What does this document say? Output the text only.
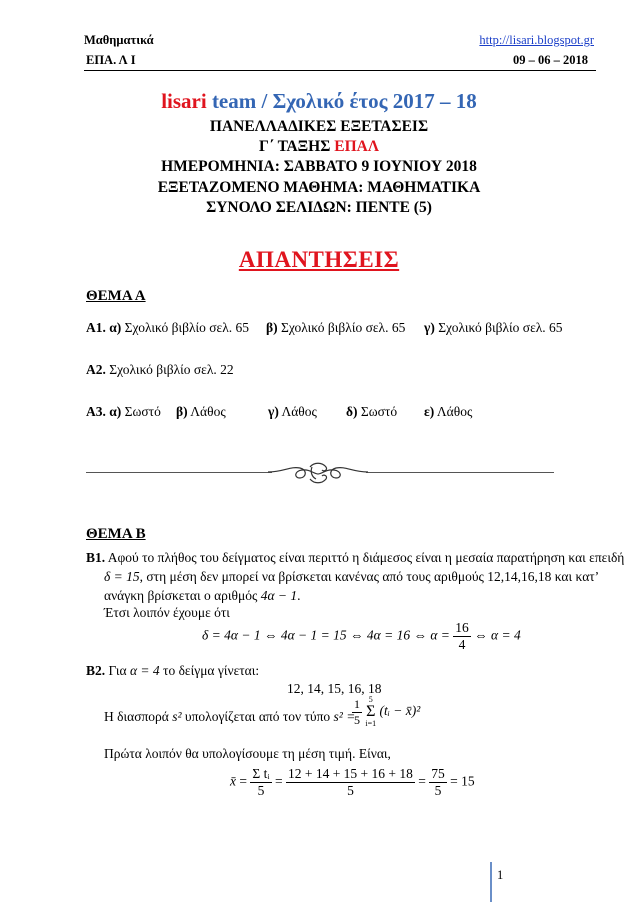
Μαθηματικά
ΕΠΑ. Λ Ι
http://lisari.blogspot.gr
09 – 06 – 2018
lisari team / Σχολικό έτος 2017 – 18
ΠΑΝΕΛΛΑΔΙΚΕΣ ΕΞΕΤΑΣΕΙΣ
Γ΄ ΤΑΞΗΣ ΕΠΑΛ
ΗΜΕΡΟΜΗΝΙΑ: ΣΑΒΒΑΤΟ 9 ΙΟΥΝΙΟΥ 2018
ΕΞΕΤΑΖΟΜΕΝΟ ΜΑΘΗΜΑ: ΜΑΘΗΜΑΤΙΚΑ
ΣΥΝΟΛΟ ΣΕΛΙΔΩΝ: ΠΕΝΤΕ (5)
ΑΠΑΝΤΗΣΕΙΣ
ΘΕΜΑ Α
Α1. α) Σχολικό βιβλίο σελ. 65 β) Σχολικό βιβλίο σελ. 65 γ) Σχολικό βιβλίο σελ. 65
Α2. Σχολικό βιβλίο σελ. 22
Α3. α) Σωστό β) Λάθος	γ) Λάθος δ) Σωστό ε) Λάθος
ΘΕΜΑ Β
Β1. Αφού το πλήθος του δείγματος είναι περιττό η διάμεσος είναι η μεσαία παρατήρηση και επειδή
δ = 15, στη μέση δεν μπορεί να βρίσκεται κανένας από τους αριθμούς 12,14,16,18 και κατ’
ανάγκη βρίσκεται ο αριθμός 4α − 1.
Έτσι λοιπόν έχουμε ότι
δ = 4α − 1 ⇔ 4α − 1 = 15 ⇔ 4α = 16 ⇔ $\alpha = \frac{16}{4}$ ⇔ α = 4
Β2. Για α = 4 το δείγμα γίνεται:
12, 14, 15, 16, 18
Η διασπορά s² υπολογίζεται από τον τύπο s² =
$\frac{1}{5}$
5
Σ
i=1
(tᵢ − x̄)²
Πρώτα λοιπόν θα υπολογίσουμε τη μέση τιμή. Είναι,
x̄ = $\frac{\text{Σ tᵢ}}{5} = \frac{12 + 14 + 15 + 16 + 18}{5} = \frac{75}{5} = 15$
1
